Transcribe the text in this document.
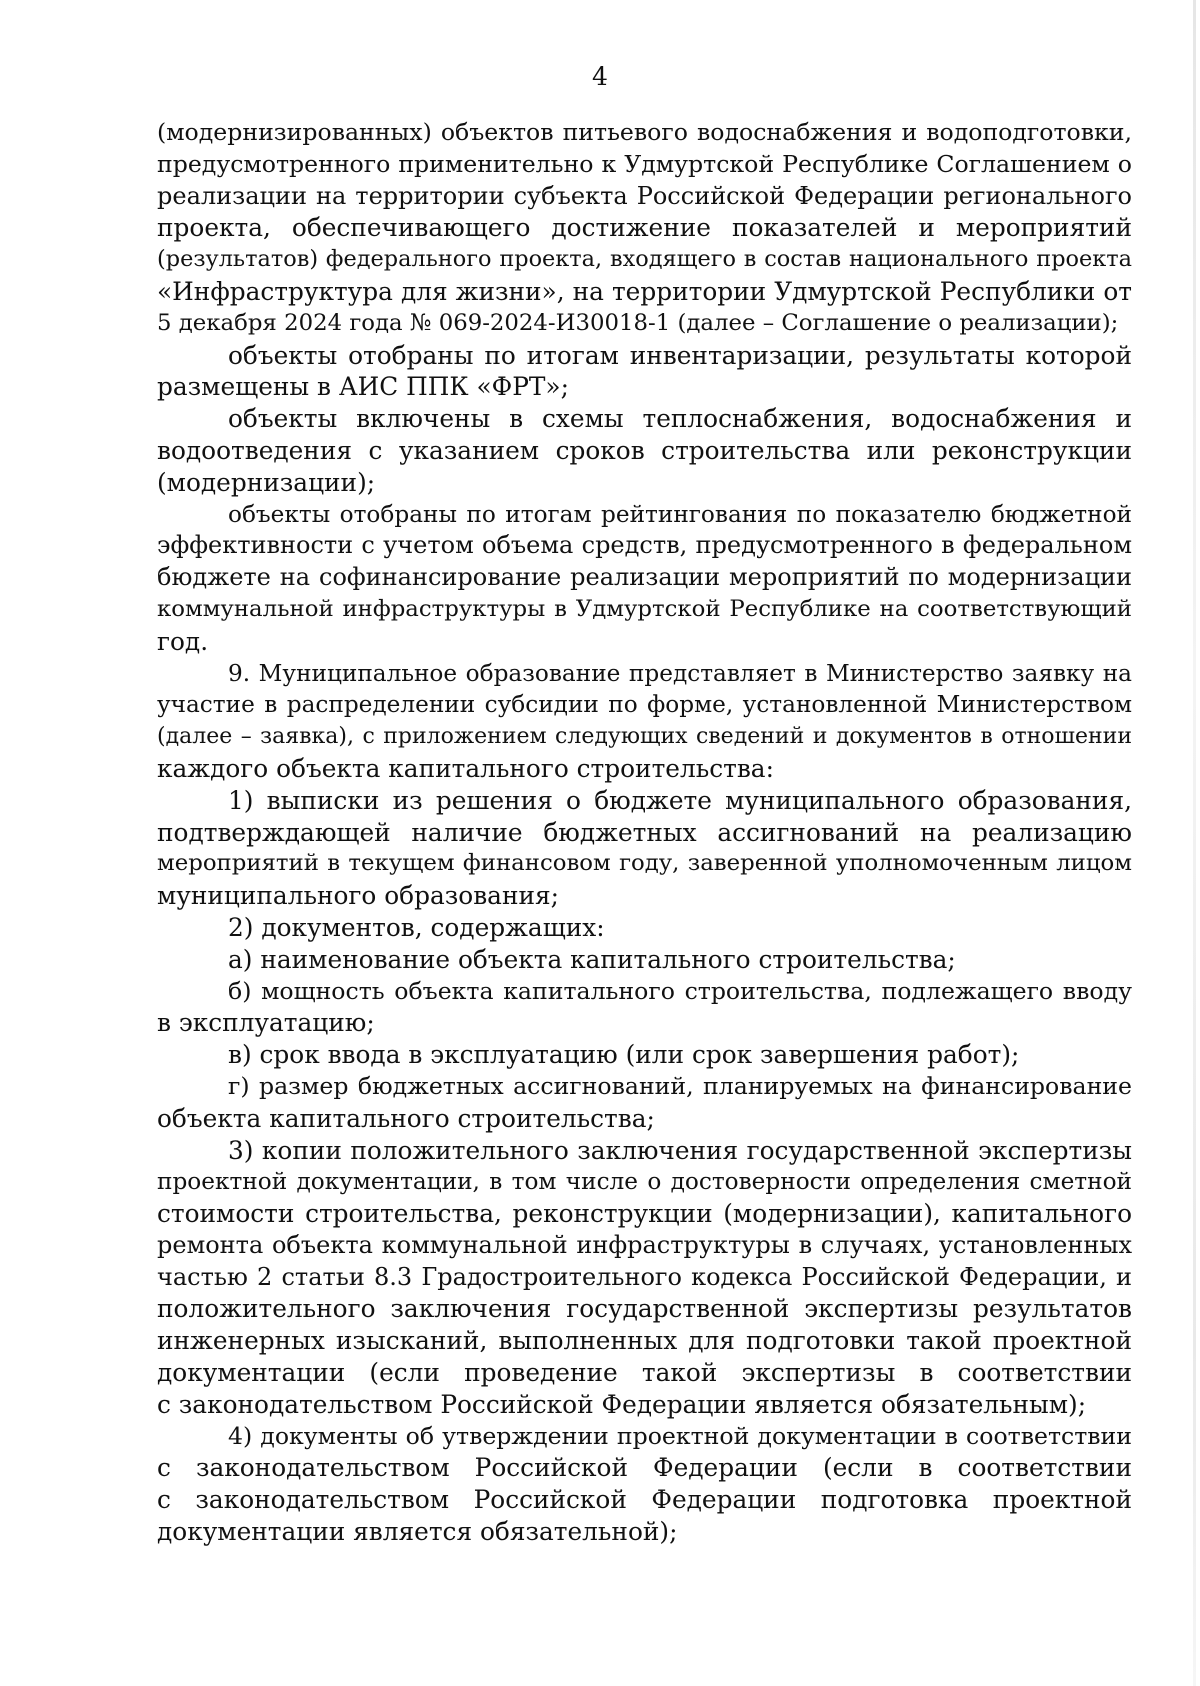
4
(модернизированных) объектов питьевого водоснабжения и водоподготовки,
предусмотренного применительно к Удмуртской Республике Соглашением о
реализации на территории субъекта Российской Федерации регионального
проекта, обеспечивающего достижение показателей и мероприятий
(результатов) федерального проекта, входящего в состав национального проекта
«Инфраструктура для жизни», на территории Удмуртской Республики от
5 декабря 2024 года № 069-2024-И30018-1 (далее – Соглашение о реализации);
объекты отобраны по итогам инвентаризации, результаты которой
размещены в АИС ППК «ФРТ»;
объекты включены в схемы теплоснабжения, водоснабжения и
водоотведения с указанием сроков строительства или реконструкции
(модернизации);
объекты отобраны по итогам рейтингования по показателю бюджетной
эффективности с учетом объема средств, предусмотренного в федеральном
бюджете на софинансирование реализации мероприятий по модернизации
коммунальной инфраструктуры в Удмуртской Республике на соответствующий
год.
9. Муниципальное образование представляет в Министерство заявку на
участие в распределении субсидии по форме, установленной Министерством
(далее – заявка), с приложением следующих сведений и документов в отношении
каждого объекта капитального строительства:
1) выписки из решения о бюджете муниципального образования,
подтверждающей наличие бюджетных ассигнований на реализацию
мероприятий в текущем финансовом году, заверенной уполномоченным лицом
муниципального образования;
2) документов, содержащих:
а) наименование объекта капитального строительства;
б) мощность объекта капитального строительства, подлежащего вводу
в эксплуатацию;
в) срок ввода в эксплуатацию (или срок завершения работ);
г) размер бюджетных ассигнований, планируемых на финансирование
объекта капитального строительства;
3) копии положительного заключения государственной экспертизы
проектной документации, в том числе о достоверности определения сметной
стоимости строительства, реконструкции (модернизации), капитального
ремонта объекта коммунальной инфраструктуры в случаях, установленных
частью 2 статьи 8.3 Градостроительного кодекса Российской Федерации, и
положительного заключения государственной экспертизы результатов
инженерных изысканий, выполненных для подготовки такой проектной
документации (если проведение такой экспертизы в соответствии
с законодательством Российской Федерации является обязательным);
4) документы об утверждении проектной документации в соответствии
с законодательством Российской Федерации (если в соответствии
с законодательством Российской Федерации подготовка проектной
документации является обязательной);
